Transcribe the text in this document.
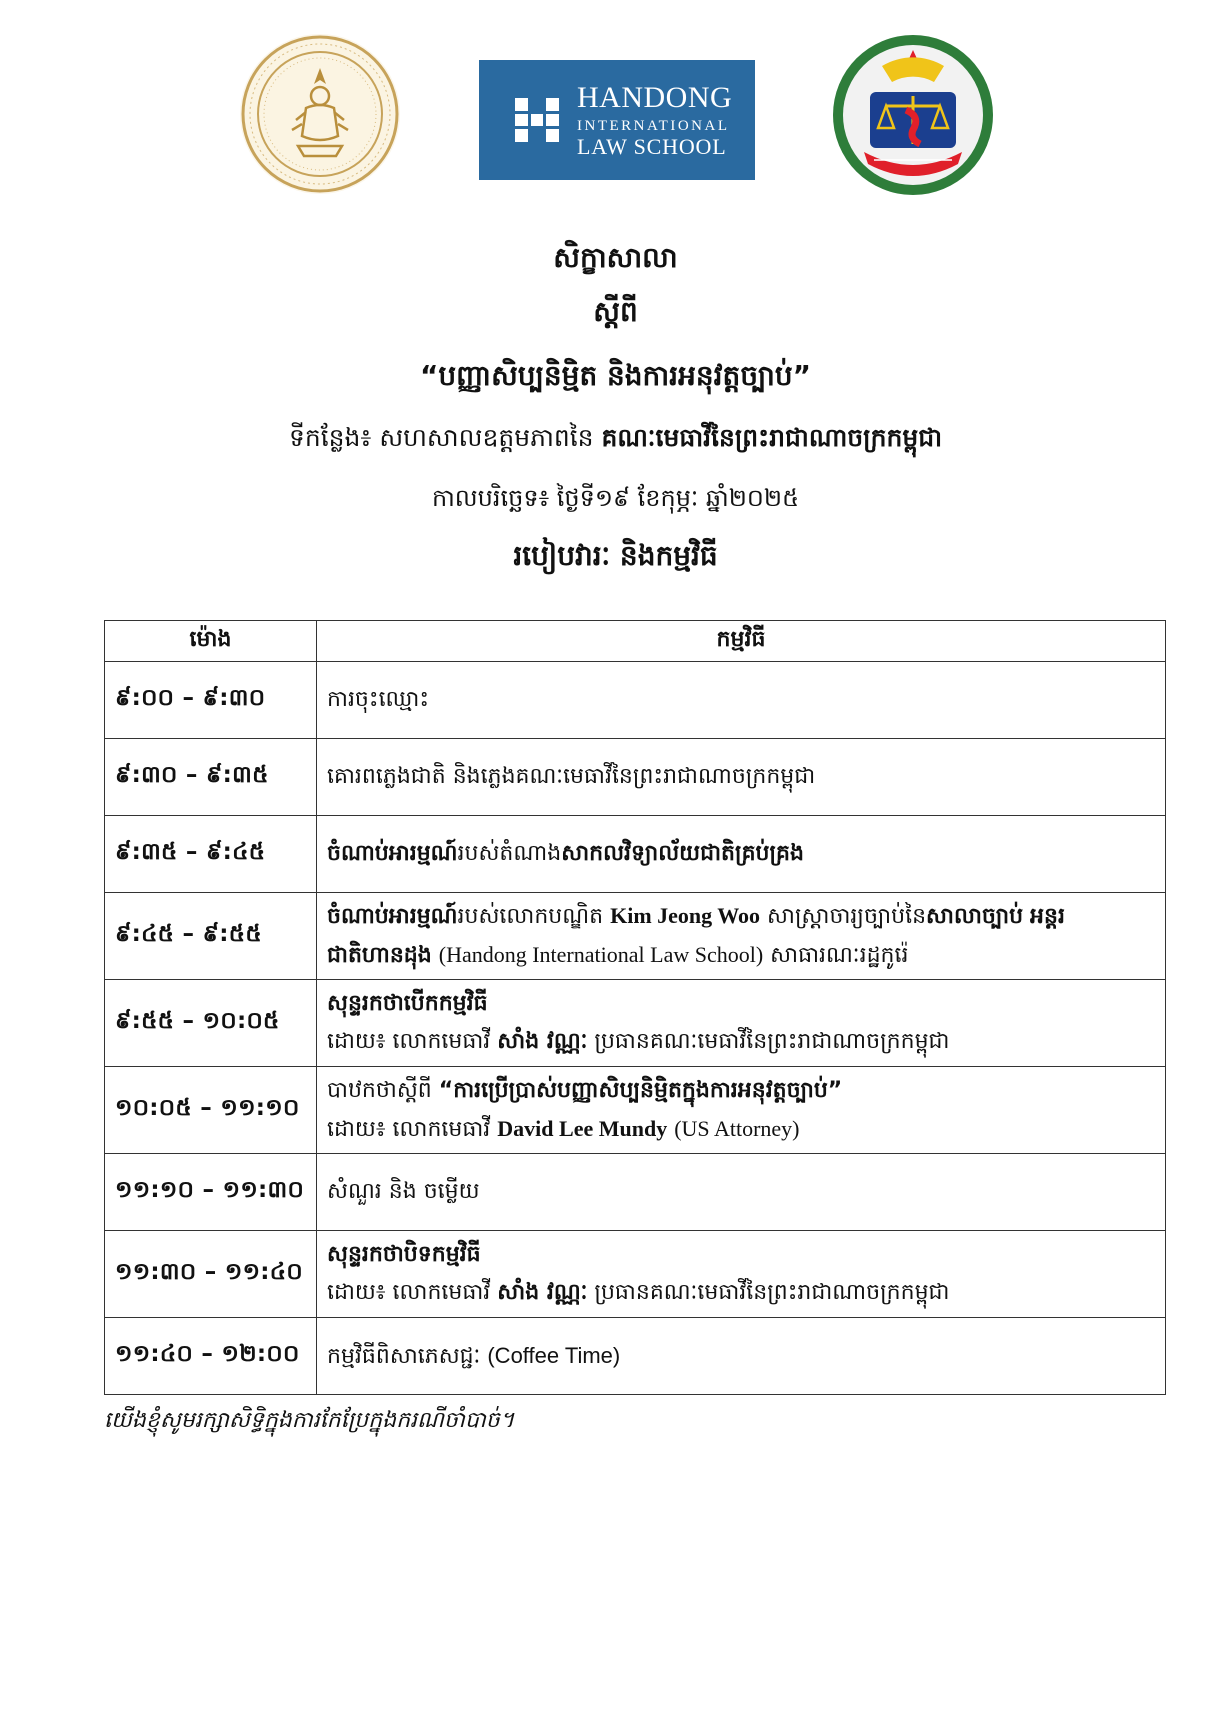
HANDONG
INTERNATIONAL
LAW SCHOOL
សិក្ខាសាលា
ស្តីពី
“បញ្ញាសិប្បនិម្មិត និងការអនុវត្តច្បាប់”
ទីកន្លែង៖ សហសាលឧត្តមភាពនៃ គណៈមេធាវីនៃព្រះរាជាណាចក្រកម្ពុជា
កាលបរិច្ឆេទ៖ ថ្ងៃទី១៩ ខែកុម្ភៈ ឆ្នាំ២០២៥
របៀបវារៈ និងកម្មវិធី
ម៉ោង	កម្មវិធី
៩:០០ – ៩:៣០	ការចុះឈ្មោះ
៩:៣០ – ៩:៣៥	គោរពភ្លេងជាតិ និងភ្លេងគណៈមេធាវីនៃព្រះរាជាណាចក្រកម្ពុជា
៩:៣៥ – ៩:៤៥	ចំណាប់អារម្មណ៍របស់តំណាងសាកលវិទ្យាល័យជាតិគ្រប់គ្រង
៩:៤៥ – ៩:៥៥	ចំណាប់អារម្មណ៍របស់លោកបណ្ឌិត Kim Jeong Woo សាស្ត្រាចារ្យច្បាប់នៃសាលាច្បាប់ អន្តរជាតិហានដុង (Handong International Law School) សាធារណៈរដ្ឋកូរ៉េ
៩:៥៥ – ១០:០៥	សុន្ទរកថាបើកកម្មវិធី
ដោយ៖ លោកមេធាវី សាំង វណ្ណៈ ប្រធានគណៈមេធាវីនៃព្រះរាជាណាចក្រកម្ពុជា

១០:០៥ – ១១:១០	បាឋកថាស្តីពី “ការប្រើប្រាស់បញ្ញាសិប្បនិម្មិតក្នុងការអនុវត្តច្បាប់”
ដោយ៖ លោកមេធាវី David Lee Mundy (US Attorney)

១១:១០ – ១១:៣០	សំណួរ និង ចម្លើយ
១១:៣០ – ១១:៤០	សុន្ទរកថាបិទកម្មវិធី
ដោយ៖ លោកមេធាវី សាំង វណ្ណៈ ប្រធានគណៈមេធាវីនៃព្រះរាជាណាចក្រកម្ពុជា

១១:៤០ – ១២:០០	កម្មវិធីពិសាភេសជ្ជៈ (Coffee Time)
យើងខ្ញុំសូមរក្សាសិទ្ធិក្នុងការកែប្រែក្នុងករណីចាំបាច់។
